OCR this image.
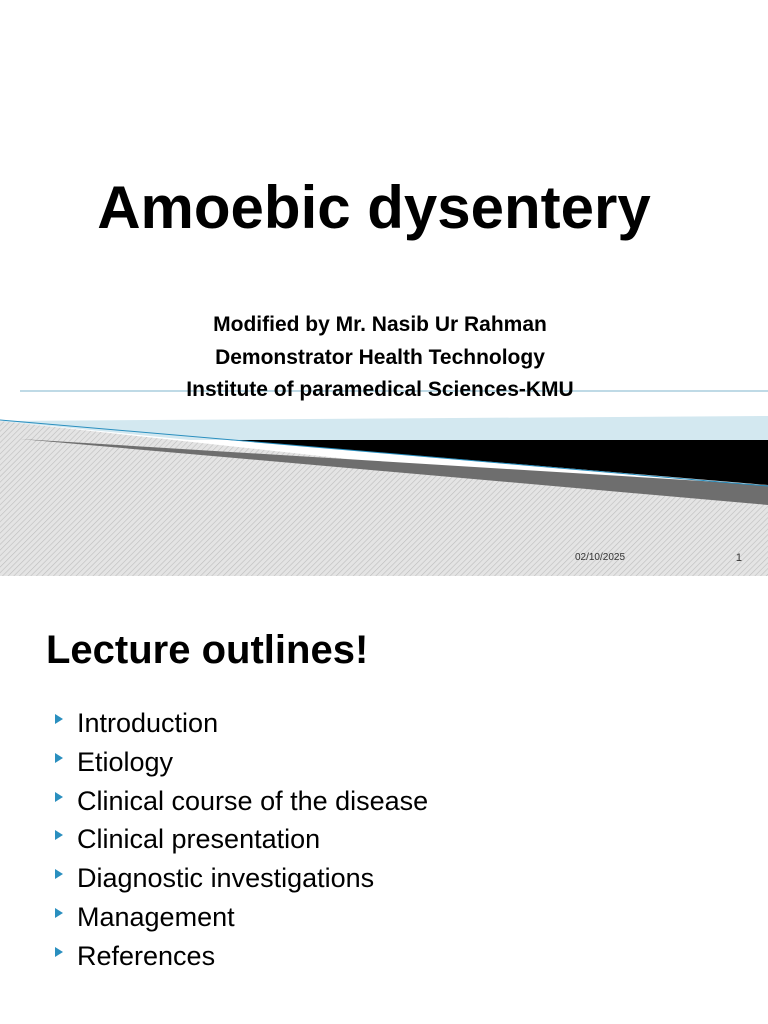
Amoebic dysentery
Modified by Mr. Nasib Ur Rahman
Demonstrator Health Technology
Institute of paramedical Sciences-KMU
02/10/2025	1
Lecture outlines!
Introduction
Etiology
Clinical course of the disease
Clinical presentation
Diagnostic investigations
Management
References
